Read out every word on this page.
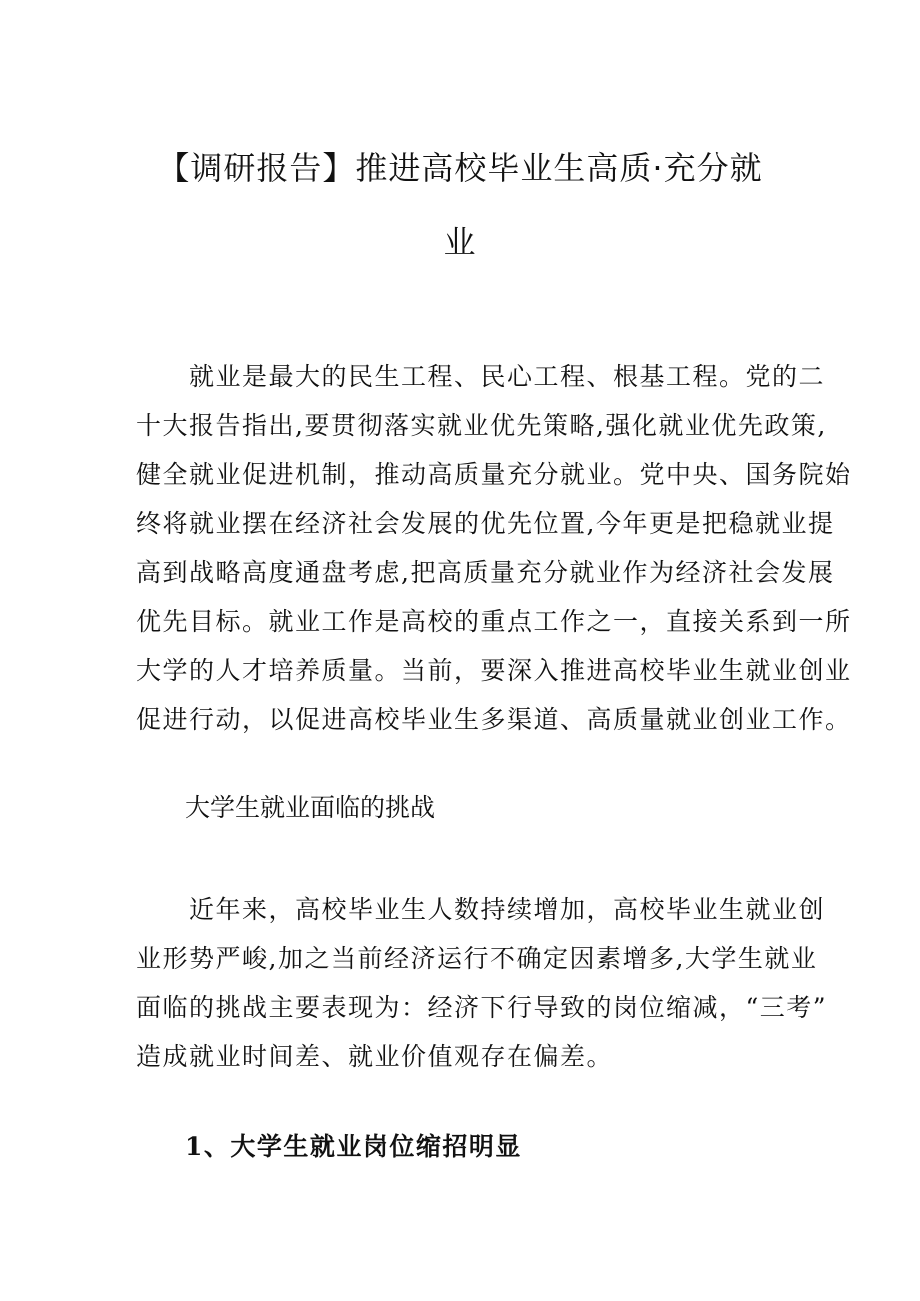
【调研报告】推进高校毕业生高质·充分就
业
　　就业是最大的民生工程、民心工程、根基工程。党的二
十大报告指出,要贯彻落实就业优先策略,强化就业优先政策,
健全就业促进机制，推动高质量充分就业。党中央、国务院始
终将就业摆在经济社会发展的优先位置,今年更是把稳就业提
高到战略高度通盘考虑,把高质量充分就业作为经济社会发展
优先目标。就业工作是高校的重点工作之一，直接关系到一所
大学的人才培养质量。当前，要深入推进高校毕业生就业创业
促进行动，以促进高校毕业生多渠道、高质量就业创业工作。
大学生就业面临的挑战
　　近年来，高校毕业生人数持续增加，高校毕业生就业创
业形势严峻,加之当前经济运行不确定因素增多,大学生就业
面临的挑战主要表现为：经济下行导致的岗位缩减，“三考”
造成就业时间差、就业价值观存在偏差。
1、大学生就业岗位缩招明显
